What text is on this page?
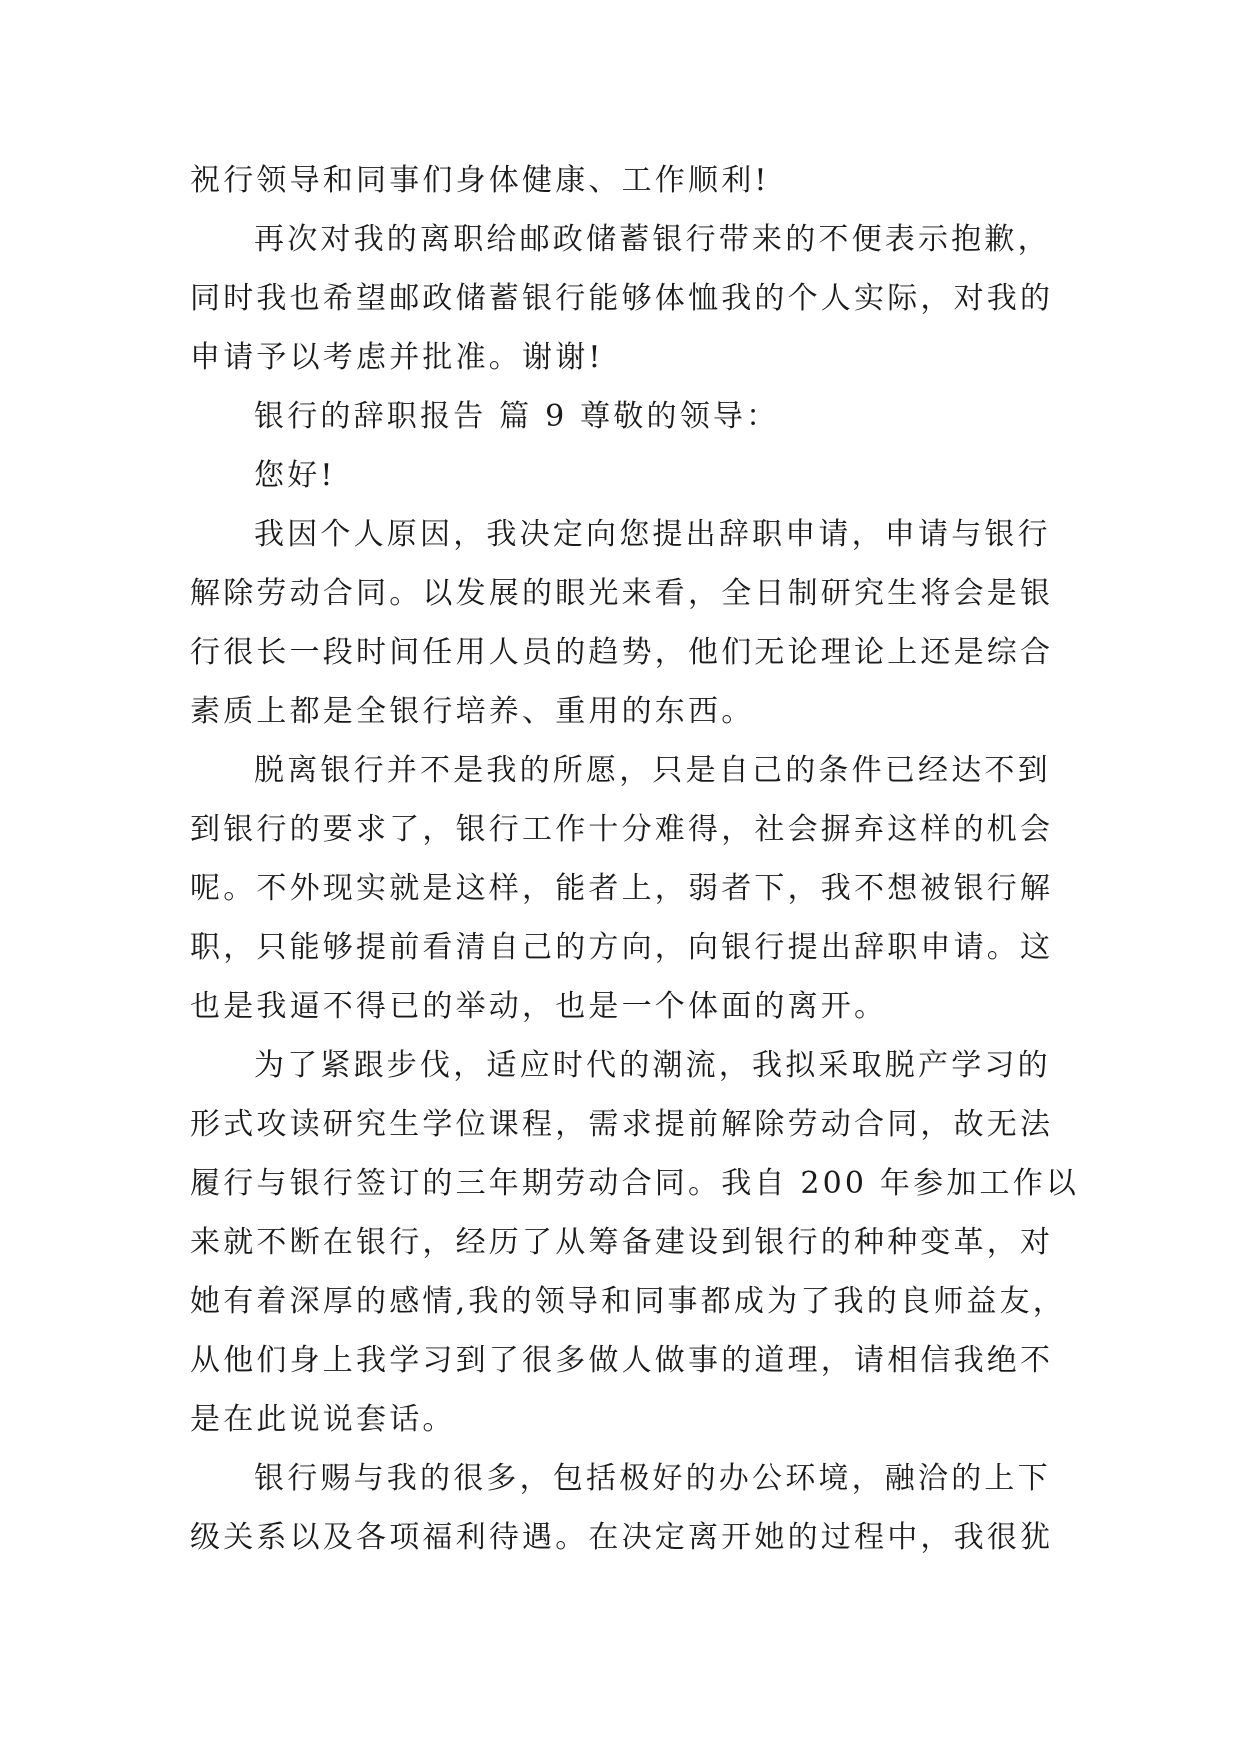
祝行领导和同事们身体健康、工作顺利!
再次对我的离职给邮政储蓄银行带来的不便表示抱歉，
同时我也希望邮政储蓄银行能够体恤我的个人实际，对我的
申请予以考虑并批准。谢谢!
银行的辞职报告 篇 9 尊敬的领导：
您好!
我因个人原因，我决定向您提出辞职申请，申请与银行
解除劳动合同。以发展的眼光来看，全日制研究生将会是银
行很长一段时间任用人员的趋势，他们无论理论上还是综合
素质上都是全银行培养、重用的东西。
脱离银行并不是我的所愿，只是自己的条件已经达不到
到银行的要求了，银行工作十分难得，社会摒弃这样的机会
呢。不外现实就是这样，能者上，弱者下，我不想被银行解
职，只能够提前看清自己的方向，向银行提出辞职申请。这
也是我逼不得已的举动，也是一个体面的离开。
为了紧跟步伐，适应时代的潮流，我拟采取脱产学习的
形式攻读研究生学位课程，需求提前解除劳动合同，故无法
履行与银行签订的三年期劳动合同。我自 200 年参加工作以
来就不断在银行，经历了从筹备建设到银行的种种变革，对
她有着深厚的感情,我的领导和同事都成为了我的良师益友，
从他们身上我学习到了很多做人做事的道理，请相信我绝不
是在此说说套话。
银行赐与我的很多，包括极好的办公环境，融洽的上下
级关系以及各项福利待遇。在决定离开她的过程中，我很犹
